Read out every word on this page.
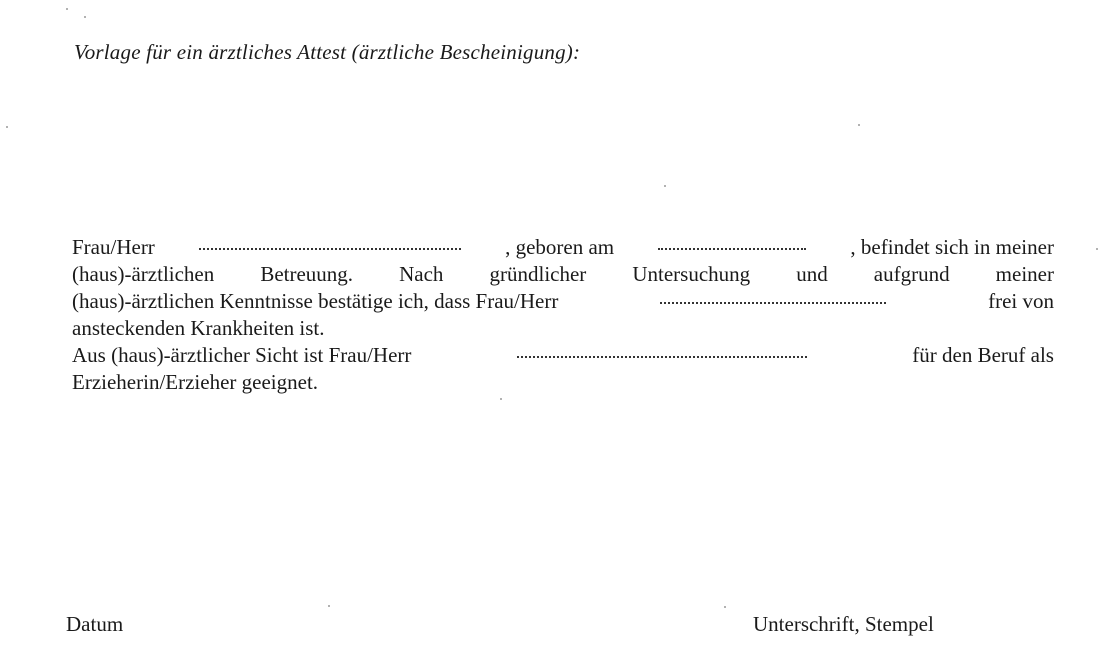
Vorlage für ein ärztliches Attest (ärztliche Bescheinigung):
Frau/Herr	, geboren am	, befindet sich in meiner
(haus)-ärztlichen Betreuung. Nach gründlicher Untersuchung und aufgrund meiner
(haus)-ärztlichen Kenntnisse bestätige ich, dass Frau/Herr	frei von
ansteckenden Krankheiten ist.
Aus (haus)-ärztlicher Sicht ist Frau/Herr	für den Beruf als
Erzieherin/Erzieher geeignet.
Datum	Unterschrift, Stempel
